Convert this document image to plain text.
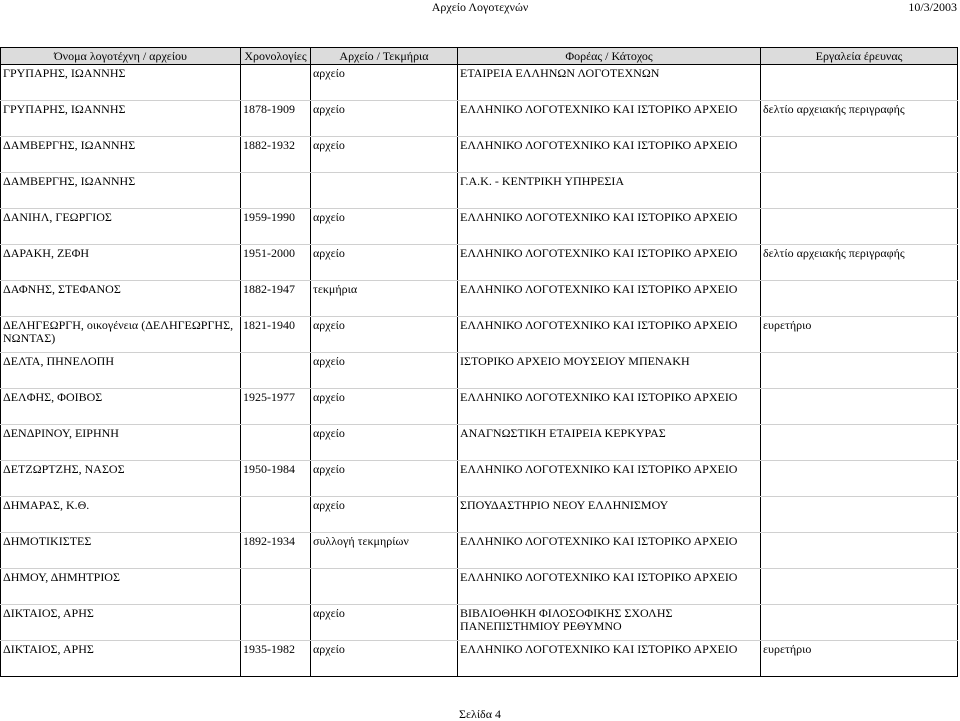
Αρχείο Λογοτεχνών	10/3/2003
Όνομα λογοτέχνη / αρχείου	Χρονολογίες	Αρχείο / Τεκμήρια	Φορέας / Κάτοχος	Εργαλεία έρευνας
ΓΡΥΠΑΡΗΣ, ΙΩΑΝΝΗΣ		αρχείο	ΕΤΑΙΡΕΙΑ ΕΛΛΗΝΩΝ ΛΟΓΟΤΕΧΝΩΝ	
ΓΡΥΠΑΡΗΣ, ΙΩΑΝΝΗΣ	1878-1909	αρχείο	ΕΛΛΗΝΙΚΟ ΛΟΓΟΤΕΧΝΙΚΟ ΚΑΙ ΙΣΤΟΡΙΚΟ ΑΡΧΕΙΟ	δελτίο αρχειακής περιγραφής
ΔΑΜΒΕΡΓΗΣ, ΙΩΑΝΝΗΣ	1882-1932	αρχείο	ΕΛΛΗΝΙΚΟ ΛΟΓΟΤΕΧΝΙΚΟ ΚΑΙ ΙΣΤΟΡΙΚΟ ΑΡΧΕΙΟ	
ΔΑΜΒΕΡΓΗΣ, ΙΩΑΝΝΗΣ			Γ.Α.Κ. - ΚΕΝΤΡΙΚΗ ΥΠΗΡΕΣΙΑ	
ΔΑΝΙΗΛ, ΓΕΩΡΓΙΟΣ	1959-1990	αρχείο	ΕΛΛΗΝΙΚΟ ΛΟΓΟΤΕΧΝΙΚΟ ΚΑΙ ΙΣΤΟΡΙΚΟ ΑΡΧΕΙΟ	
ΔΑΡΑΚΗ, ΖΕΦΗ	1951-2000	αρχείο	ΕΛΛΗΝΙΚΟ ΛΟΓΟΤΕΧΝΙΚΟ ΚΑΙ ΙΣΤΟΡΙΚΟ ΑΡΧΕΙΟ	δελτίο αρχειακής περιγραφής
ΔΑΦΝΗΣ, ΣΤΕΦΑΝΟΣ	1882-1947	τεκμήρια	ΕΛΛΗΝΙΚΟ ΛΟΓΟΤΕΧΝΙΚΟ ΚΑΙ ΙΣΤΟΡΙΚΟ ΑΡΧΕΙΟ	
ΔΕΛΗΓΕΩΡΓΗ, οικογένεια (ΔΕΛΗΓΕΩΡΓΗΣ, ΝΩΝΤΑΣ)	1821-1940	αρχείο	ΕΛΛΗΝΙΚΟ ΛΟΓΟΤΕΧΝΙΚΟ ΚΑΙ ΙΣΤΟΡΙΚΟ ΑΡΧΕΙΟ	ευρετήριο
ΔΕΛΤΑ, ΠΗΝΕΛΟΠΗ		αρχείο	ΙΣΤΟΡΙΚΟ ΑΡΧΕΙΟ ΜΟΥΣΕΙΟΥ ΜΠΕΝΑΚΗ	
ΔΕΛΦΗΣ, ΦΟΙΒΟΣ	1925-1977	αρχείο	ΕΛΛΗΝΙΚΟ ΛΟΓΟΤΕΧΝΙΚΟ ΚΑΙ ΙΣΤΟΡΙΚΟ ΑΡΧΕΙΟ	
ΔΕΝΔΡΙΝΟΥ, ΕΙΡΗΝΗ		αρχείο	ΑΝΑΓΝΩΣΤΙΚΗ ΕΤΑΙΡΕΙΑ ΚΕΡΚΥΡΑΣ	
ΔΕΤΖΩΡΤΖΗΣ, ΝΑΣΟΣ	1950-1984	αρχείο	ΕΛΛΗΝΙΚΟ ΛΟΓΟΤΕΧΝΙΚΟ ΚΑΙ ΙΣΤΟΡΙΚΟ ΑΡΧΕΙΟ	
ΔΗΜΑΡΑΣ, Κ.Θ.		αρχείο	ΣΠΟΥΔΑΣΤΗΡΙΟ ΝΕΟΥ ΕΛΛΗΝΙΣΜΟΥ	
ΔΗΜΟΤΙΚΙΣΤΕΣ	1892-1934	συλλογή τεκμηρίων	ΕΛΛΗΝΙΚΟ ΛΟΓΟΤΕΧΝΙΚΟ ΚΑΙ ΙΣΤΟΡΙΚΟ ΑΡΧΕΙΟ	
ΔΗΜΟΥ, ΔΗΜΗΤΡΙΟΣ			ΕΛΛΗΝΙΚΟ ΛΟΓΟΤΕΧΝΙΚΟ ΚΑΙ ΙΣΤΟΡΙΚΟ ΑΡΧΕΙΟ	
ΔΙΚΤΑΙΟΣ, ΑΡΗΣ		αρχείο	ΒΙΒΛΙΟΘΗΚΗ ΦΙΛΟΣΟΦΙΚΗΣ ΣΧΟΛΗΣ ΠΑΝΕΠΙΣΤΗΜΙΟΥ ΡΕΘΥΜΝΟ	
ΔΙΚΤΑΙΟΣ, ΑΡΗΣ	1935-1982	αρχείο	ΕΛΛΗΝΙΚΟ ΛΟΓΟΤΕΧΝΙΚΟ ΚΑΙ ΙΣΤΟΡΙΚΟ ΑΡΧΕΙΟ	ευρετήριο
Σελίδα 4
